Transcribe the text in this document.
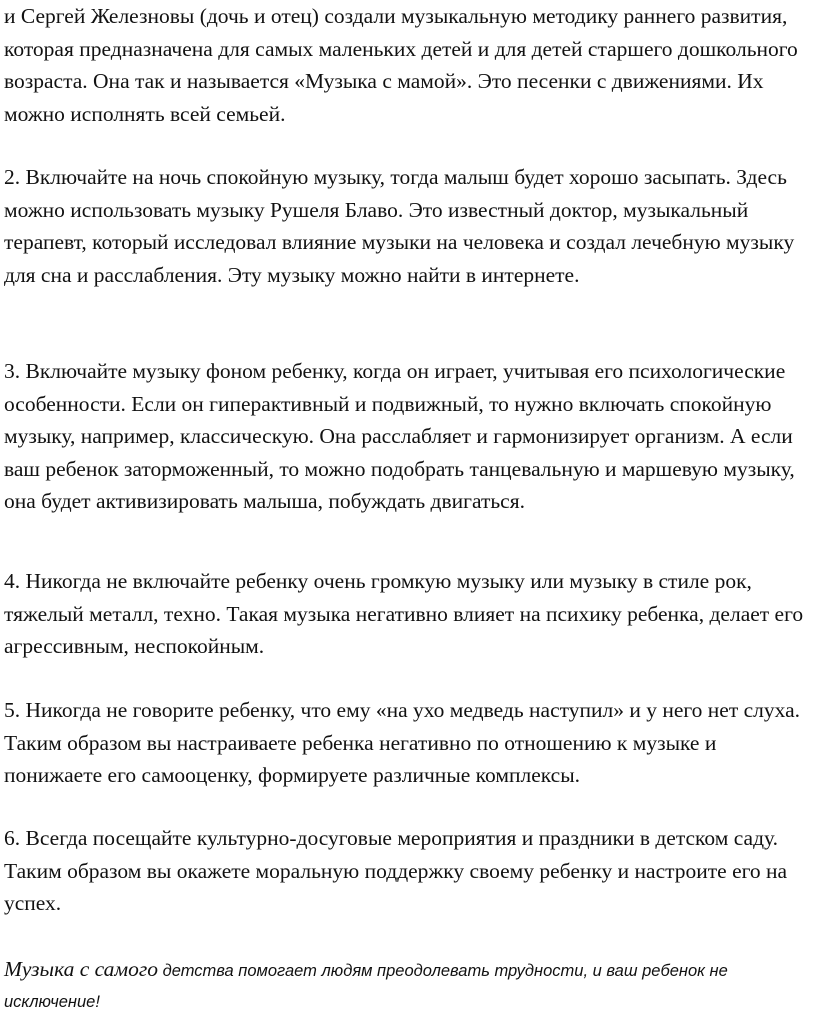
и Сергей Железновы (дочь и отец) создали музыкальную методику раннего развития, которая предназначена для самых маленьких детей и для детей старшего дошкольного возраста. Она так и называется «Музыка с мамой». Это песенки с движениями. Их можно исполнять всей семьей.

2. Включайте на ночь спокойную музыку, тогда малыш будет хорошо засыпать. Здесь можно использовать музыку Рушеля Блаво. Это известный доктор, музыкальный терапевт, который исследовал влияние музыки на человека и создал лечебную музыку для сна и расслабления. Эту музыку можно найти в интернете.

3. Включайте музыку фоном ребенку, когда он играет, учитывая его психологические особенности. Если он гиперактивный и подвижный, то нужно включать спокойную музыку, например, классическую. Она расслабляет и гармонизирует организм. А если ваш ребенок заторможенный, то можно подобрать танцевальную и маршевую музыку, она будет активизировать малыша, побуждать двигаться.

4. Никогда не включайте ребенку очень громкую музыку или музыку в стиле рок, тяжелый металл, техно. Такая музыка негативно влияет на психику ребенка, делает его агрессивным, неспокойным.

5. Никогда не говорите ребенку, что ему «на ухо медведь наступил» и у него нет слуха. Таким образом вы настраиваете ребенка негативно по отношению к музыке и понижаете его самооценку, формируете различные комплексы.

6. Всегда посещайте культурно-досуговые мероприятия и праздники в детском саду. Таким образом вы окажете моральную поддержку своему ребенку и настроите его на успех.

Музыка с самого детства помогает людям преодолевать трудности, и ваш ребенок не исключение!
